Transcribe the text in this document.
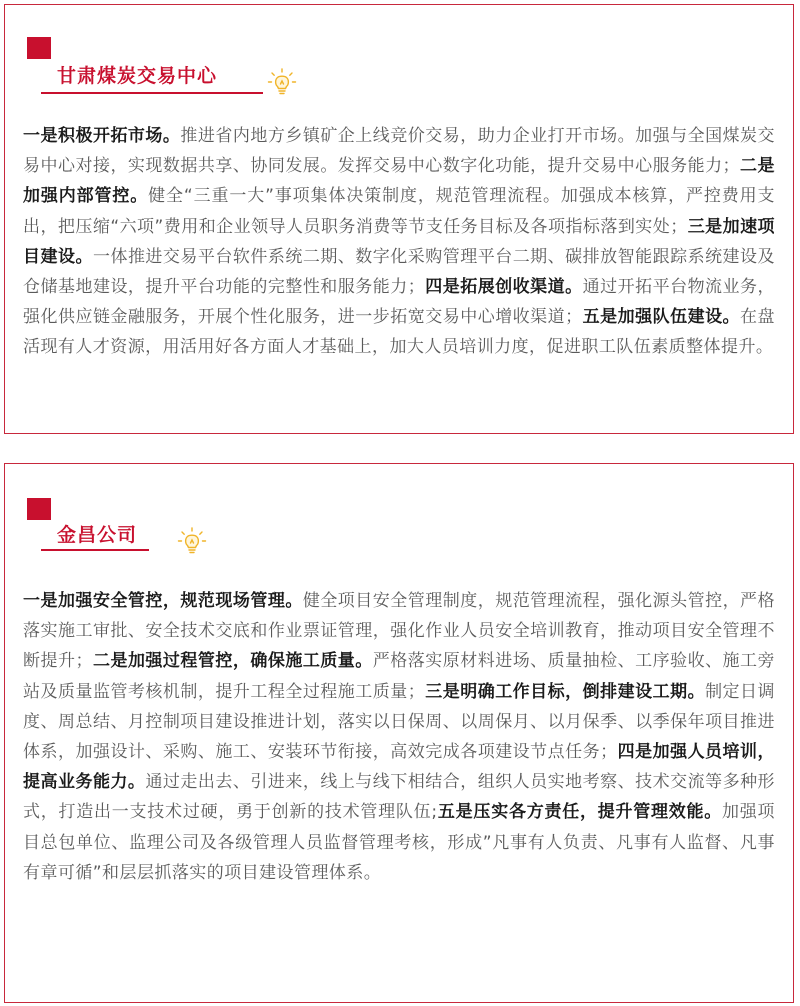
甘肃煤炭交易中心

一是积极开拓市场。推进省内地方乡镇矿企上线竞价交易，助力企业打开市场。加强与全国煤炭交易中心对接，实现数据共享、协同发展。发挥交易中心数字化功能，提升交易中心服务能力；二是加强内部管控。健全“三重一大”事项集体决策制度，规范管理流程。加强成本核算，严控费用支出，把压缩“六项”费用和企业领导人员职务消费等节支任务目标及各项指标落到实处；三是加速项目建设。一体推进交易平台软件系统二期、数字化采购管理平台二期、碳排放智能跟踪系统建设及仓储基地建设，提升平台功能的完整性和服务能力；四是拓展创收渠道。通过开拓平台物流业务，强化供应链金融服务，开展个性化服务，进一步拓宽交易中心增收渠道；五是加强队伍建设。在盘活现有人才资源，用活用好各方面人才基础上，加大人员培训力度，促进职工队伍素质整体提升。

金昌公司

一是加强安全管控，规范现场管理。健全项目安全管理制度，规范管理流程，强化源头管控，严格落实施工审批、安全技术交底和作业票证管理，强化作业人员安全培训教育，推动项目安全管理不断提升；二是加强过程管控，确保施工质量。严格落实原材料进场、质量抽检、工序验收、施工旁站及质量监管考核机制，提升工程全过程施工质量；三是明确工作目标，倒排建设工期。制定日调度、周总结、月控制项目建设推进计划，落实以日保周、以周保月、以月保季、以季保年项目推进体系，加强设计、采购、施工、安装环节衔接，高效完成各项建设节点任务；四是加强人员培训，提高业务能力。通过走出去、引进来，线上与线下相结合，组织人员实地考察、技术交流等多种形式，打造出一支技术过硬，勇于创新的技术管理队伍;五是压实各方责任，提升管理效能。加强项目总包单位、监理公司及各级管理人员监督管理考核，形成”凡事有人负责、凡事有人监督、凡事有章可循”和层层抓落实的项目建设管理体系。
